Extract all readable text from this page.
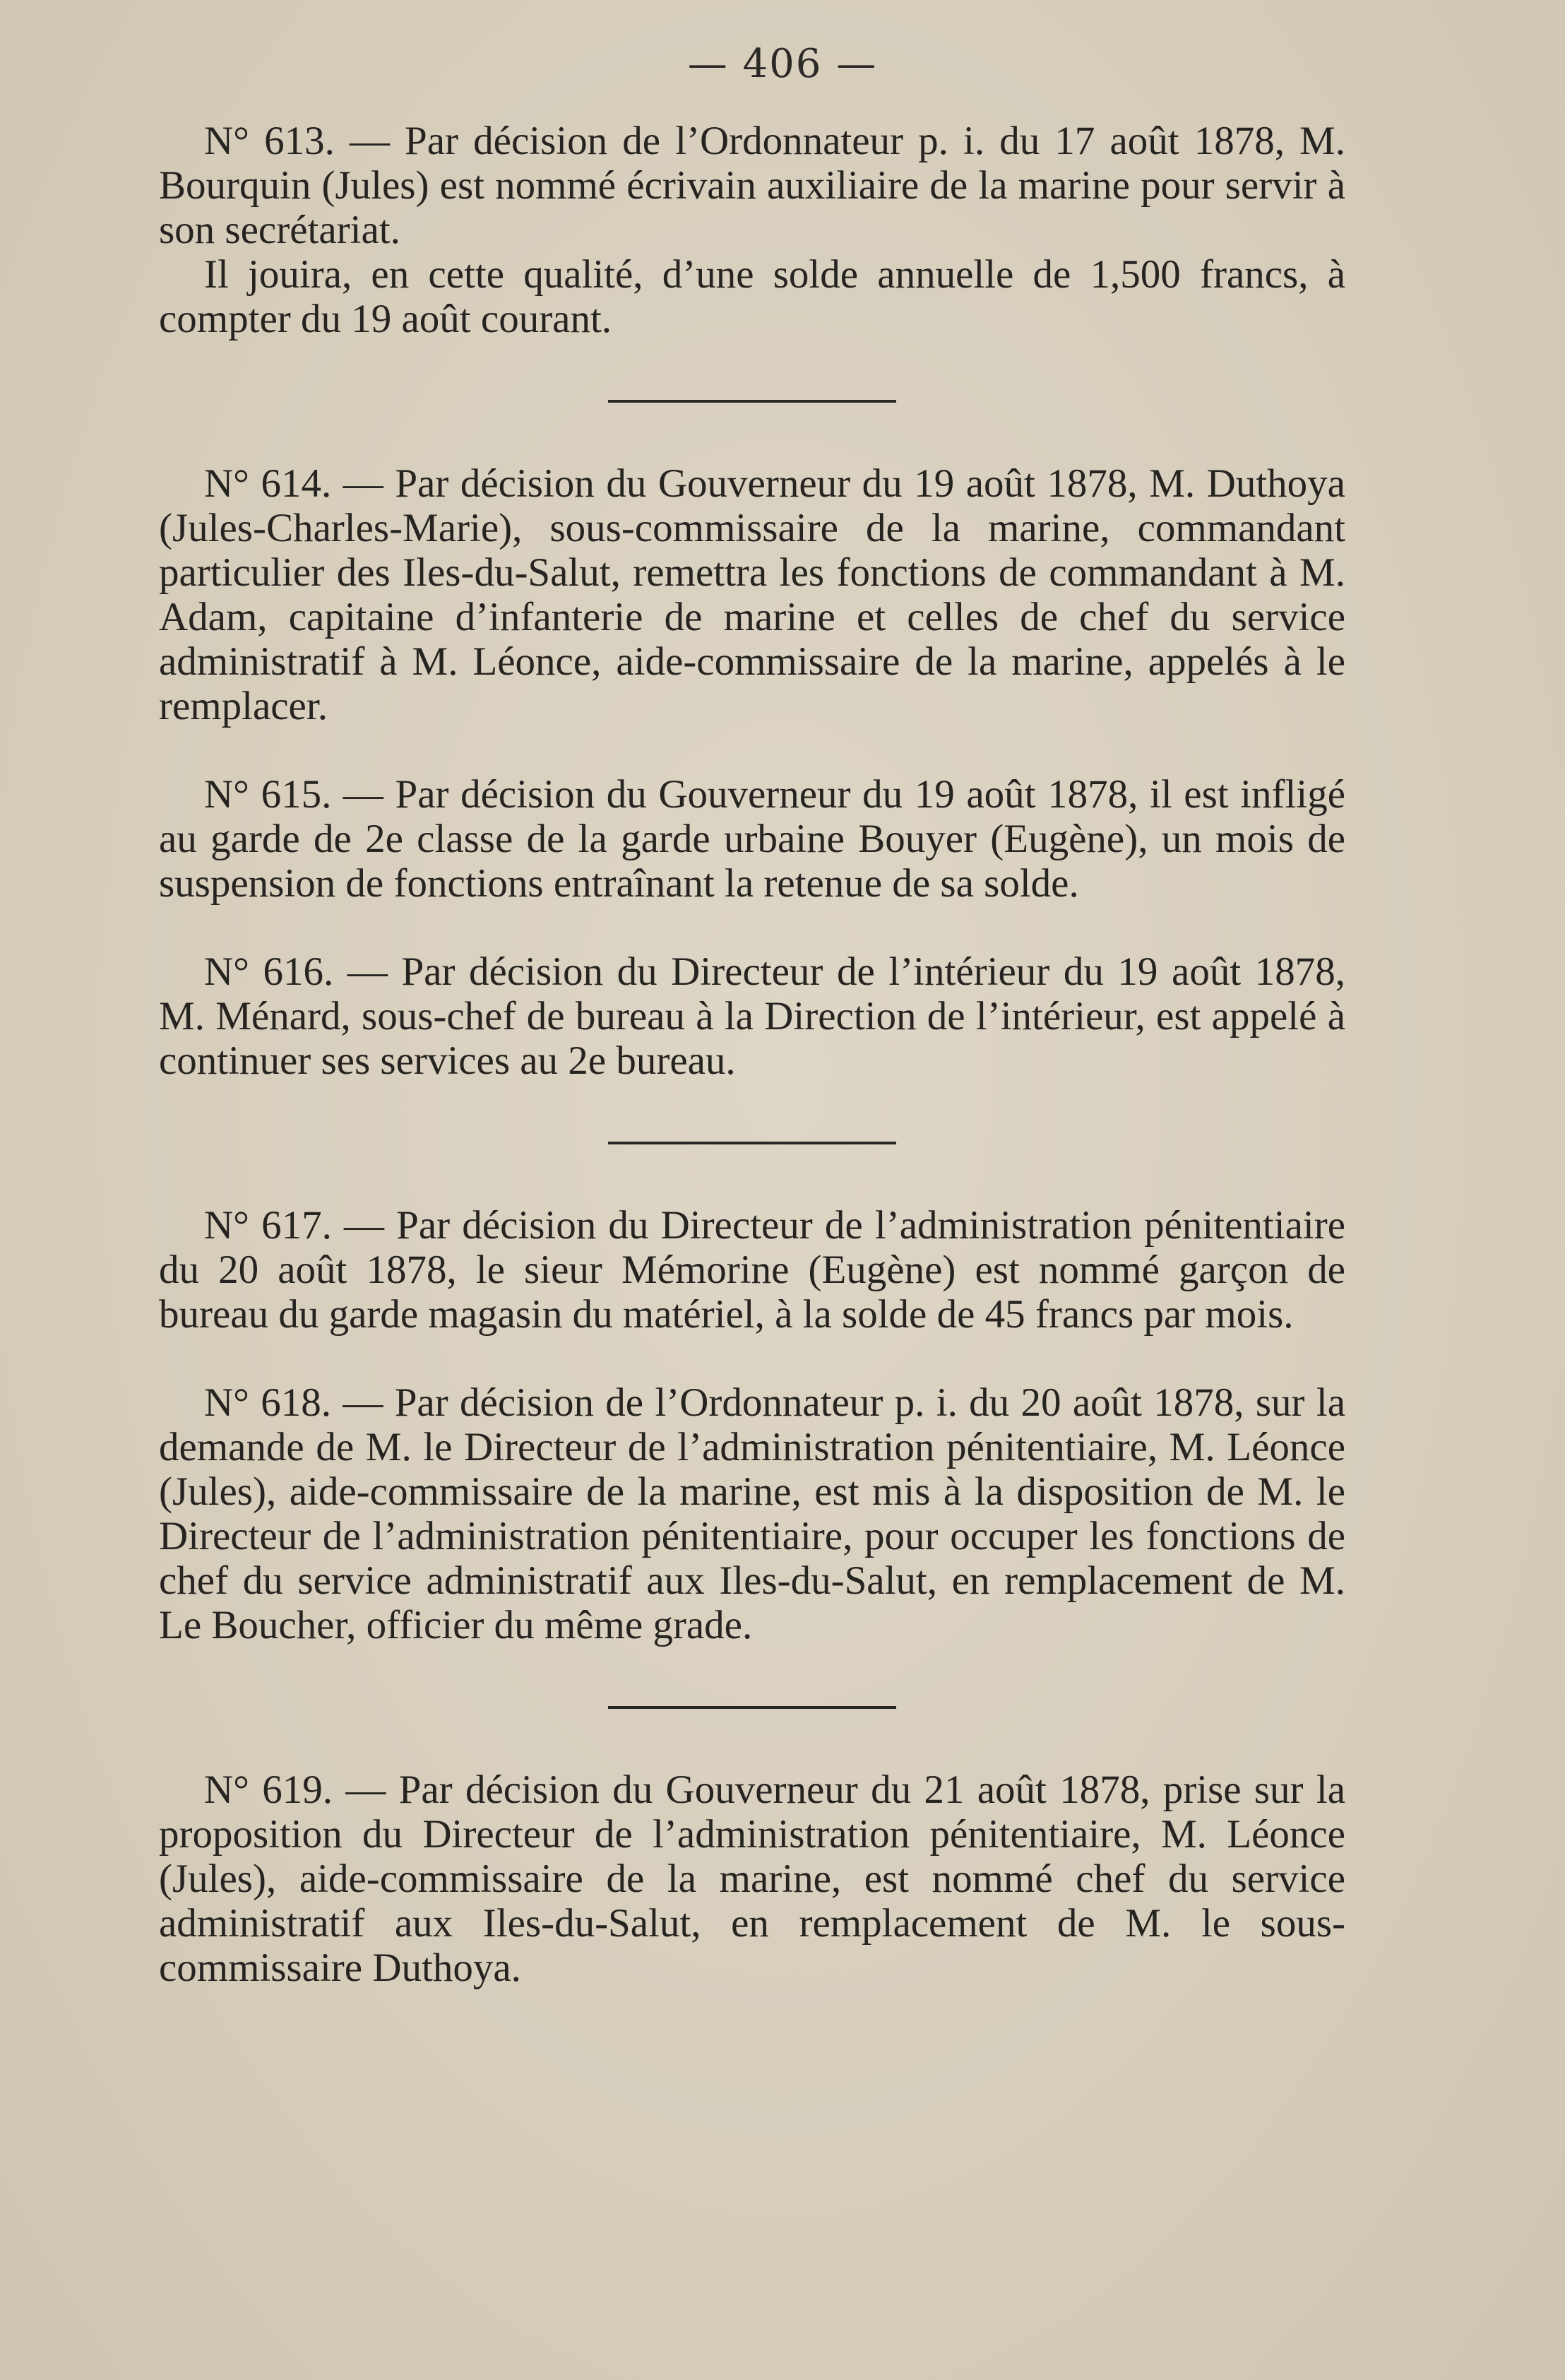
— 406 —

N° 613. — Par décision de l’Ordonnateur p. i. du 17 août 1878, M. Bourquin (Jules) est nommé écrivain auxiliaire de la marine pour servir à son secrétariat.

Il jouira, en cette qualité, d’une solde annuelle de 1,500 francs, à compter du 19 août courant.

N° 614. — Par décision du Gouverneur du 19 août 1878, M. Duthoya (Jules-Charles-Marie), sous-commissaire de la marine, commandant particulier des Iles-du-Salut, remettra les fonctions de commandant à M. Adam, capitaine d’infanterie de marine et celles de chef du service administratif à M. Léonce, aide-commissaire de la marine, appelés à le remplacer.

N° 615. — Par décision du Gouverneur du 19 août 1878, il est infligé au garde de 2e classe de la garde urbaine Bouyer (Eugène), un mois de suspension de fonctions entraînant la retenue de sa solde.

N° 616. — Par décision du Directeur de l’intérieur du 19 août 1878, M. Ménard, sous-chef de bureau à la Direction de l’intérieur, est appelé à continuer ses services au 2e bureau.

N° 617. — Par décision du Directeur de l’administration pénitentiaire du 20 août 1878, le sieur Mémorine (Eugène) est nommé garçon de bureau du garde magasin du matériel, à la solde de 45 francs par mois.

N° 618. — Par décision de l’Ordonnateur p. i. du 20 août 1878, sur la demande de M. le Directeur de l’administration pénitentiaire, M. Léonce (Jules), aide-commissaire de la marine, est mis à la disposition de M. le Directeur de l’administration pénitentiaire, pour occuper les fonctions de chef du service administratif aux Iles-du-Salut, en remplacement de M. Le Boucher, officier du même grade.

N° 619. — Par décision du Gouverneur du 21 août 1878, prise sur la proposition du Directeur de l’administration pénitentiaire, M. Léonce (Jules), aide-commissaire de la marine, est nommé chef du service administratif aux Iles-du-Salut, en remplacement de M. le sous-commissaire Duthoya.
